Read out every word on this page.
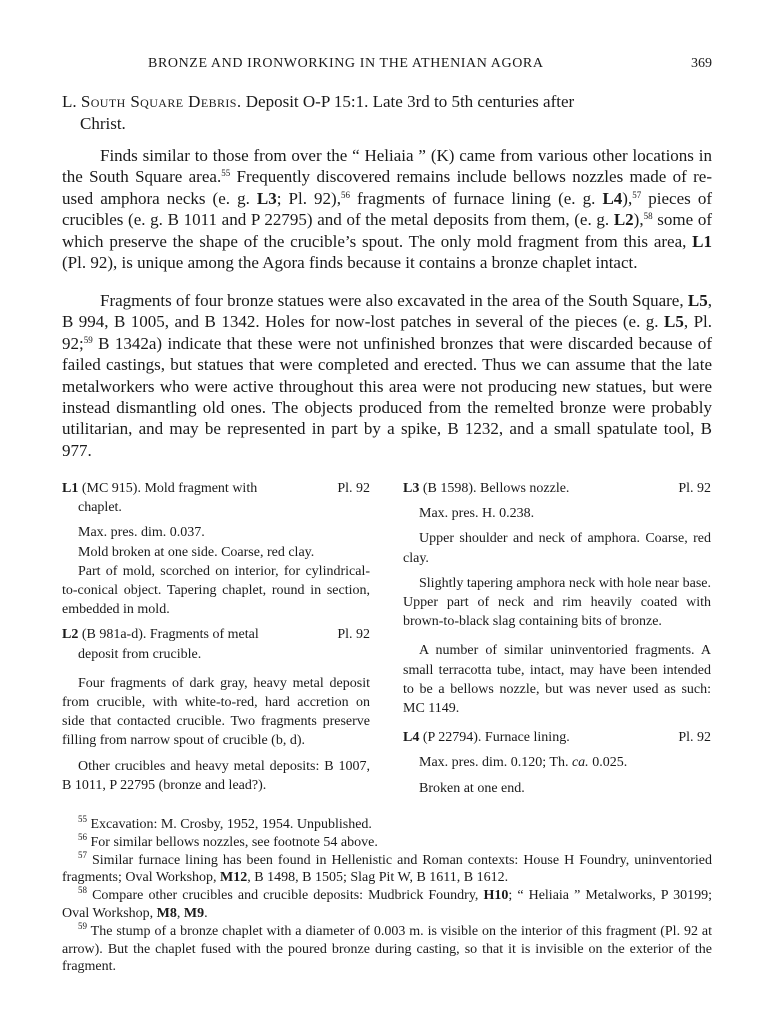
BRONZE AND IRONWORKING IN THE ATHENIAN AGORA	369
L. South Square Debris. Deposit O-P 15:1. Late 3rd to 5th centuries after
Christ.

Finds similar to those from over the “ Heliaia ” (K) came from various other locations in the South Square area.$^{55}$ Frequently discovered remains include bellows nozzles made of re-used amphora necks (e. g. L3; Pl. 92),$^{56}$ fragments of furnace lining (e. g. L4),$^{57}$ pieces of crucibles (e. g. B 1011 and P 22795) and of the metal deposits from them, (e. g. L2),$^{58}$ some of which preserve the shape of the crucible’s spout. The only mold fragment from this area, L1 (Pl. 92), is unique among the Agora finds because it contains a bronze chaplet intact.

Fragments of four bronze statues were also excavated in the area of the South Square, L5, B 994, B 1005, and B 1342. Holes for now-lost patches in several of the pieces (e. g. L5, Pl. 92;$^{59}$ B 1342a) indicate that these were not unfinished bronzes that were discarded because of failed castings, but statues that were completed and erected. Thus we can assume that the late metalworkers who were active throughout this area were not producing new statues, but were instead dismantling old ones. The objects produced from the remelted bronze were probably utilitarian, and may be represented in part by a spike, B 1232, and a small spatulate tool, B 977.

L1 (MC 915). Mold fragment with	Pl. 92
chaplet.

Max. pres. dim. 0.037.

Mold broken at one side. Coarse, red clay.

Part of mold, scorched on interior, for cylindrical-to-conical object. Tapering chaplet, round in section, embedded in mold.

L2 (B 981a-d). Fragments of metal	Pl. 92
deposit from crucible.

Four fragments of dark gray, heavy metal deposit from crucible, with white-to-red, hard accretion on side that contacted crucible. Two fragments preserve filling from narrow spout of crucible (b, d).

Other crucibles and heavy metal deposits: B 1007, B 1011, P 22795 (bronze and lead?).

L3 (B 1598). Bellows nozzle.	Pl. 92

Max. pres. H. 0.238.

Upper shoulder and neck of amphora. Coarse, red clay.

Slightly tapering amphora neck with hole near base. Upper part of neck and rim heavily coated with brown-to-black slag containing bits of bronze.

A number of similar uninventoried fragments. A small terracotta tube, intact, may have been intended to be a bellows nozzle, but was never used as such: MC 1149.

L4 (P 22794). Furnace lining.	Pl. 92

Max. pres. dim. 0.120; Th. ca. 0.025.

Broken at one end.

$^{55}$ Excavation: M. Crosby, 1952, 1954. Unpublished.

$^{56}$ For similar bellows nozzles, see footnote 54 above.

$^{57}$ Similar furnace lining has been found in Hellenistic and Roman contexts: House H Foundry, uninventoried fragments; Oval Workshop, M12, B 1498, B 1505; Slag Pit W, B 1611, B 1612.

$^{58}$ Compare other crucibles and crucible deposits: Mudbrick Foundry, H10; “ Heliaia ” Metalworks, P 30199; Oval Workshop, M8, M9.

$^{59}$ The stump of a bronze chaplet with a diameter of 0.003 m. is visible on the interior of this fragment (Pl. 92 at arrow). But the chaplet fused with the poured bronze during casting, so that it is invisible on the exterior of the fragment.
